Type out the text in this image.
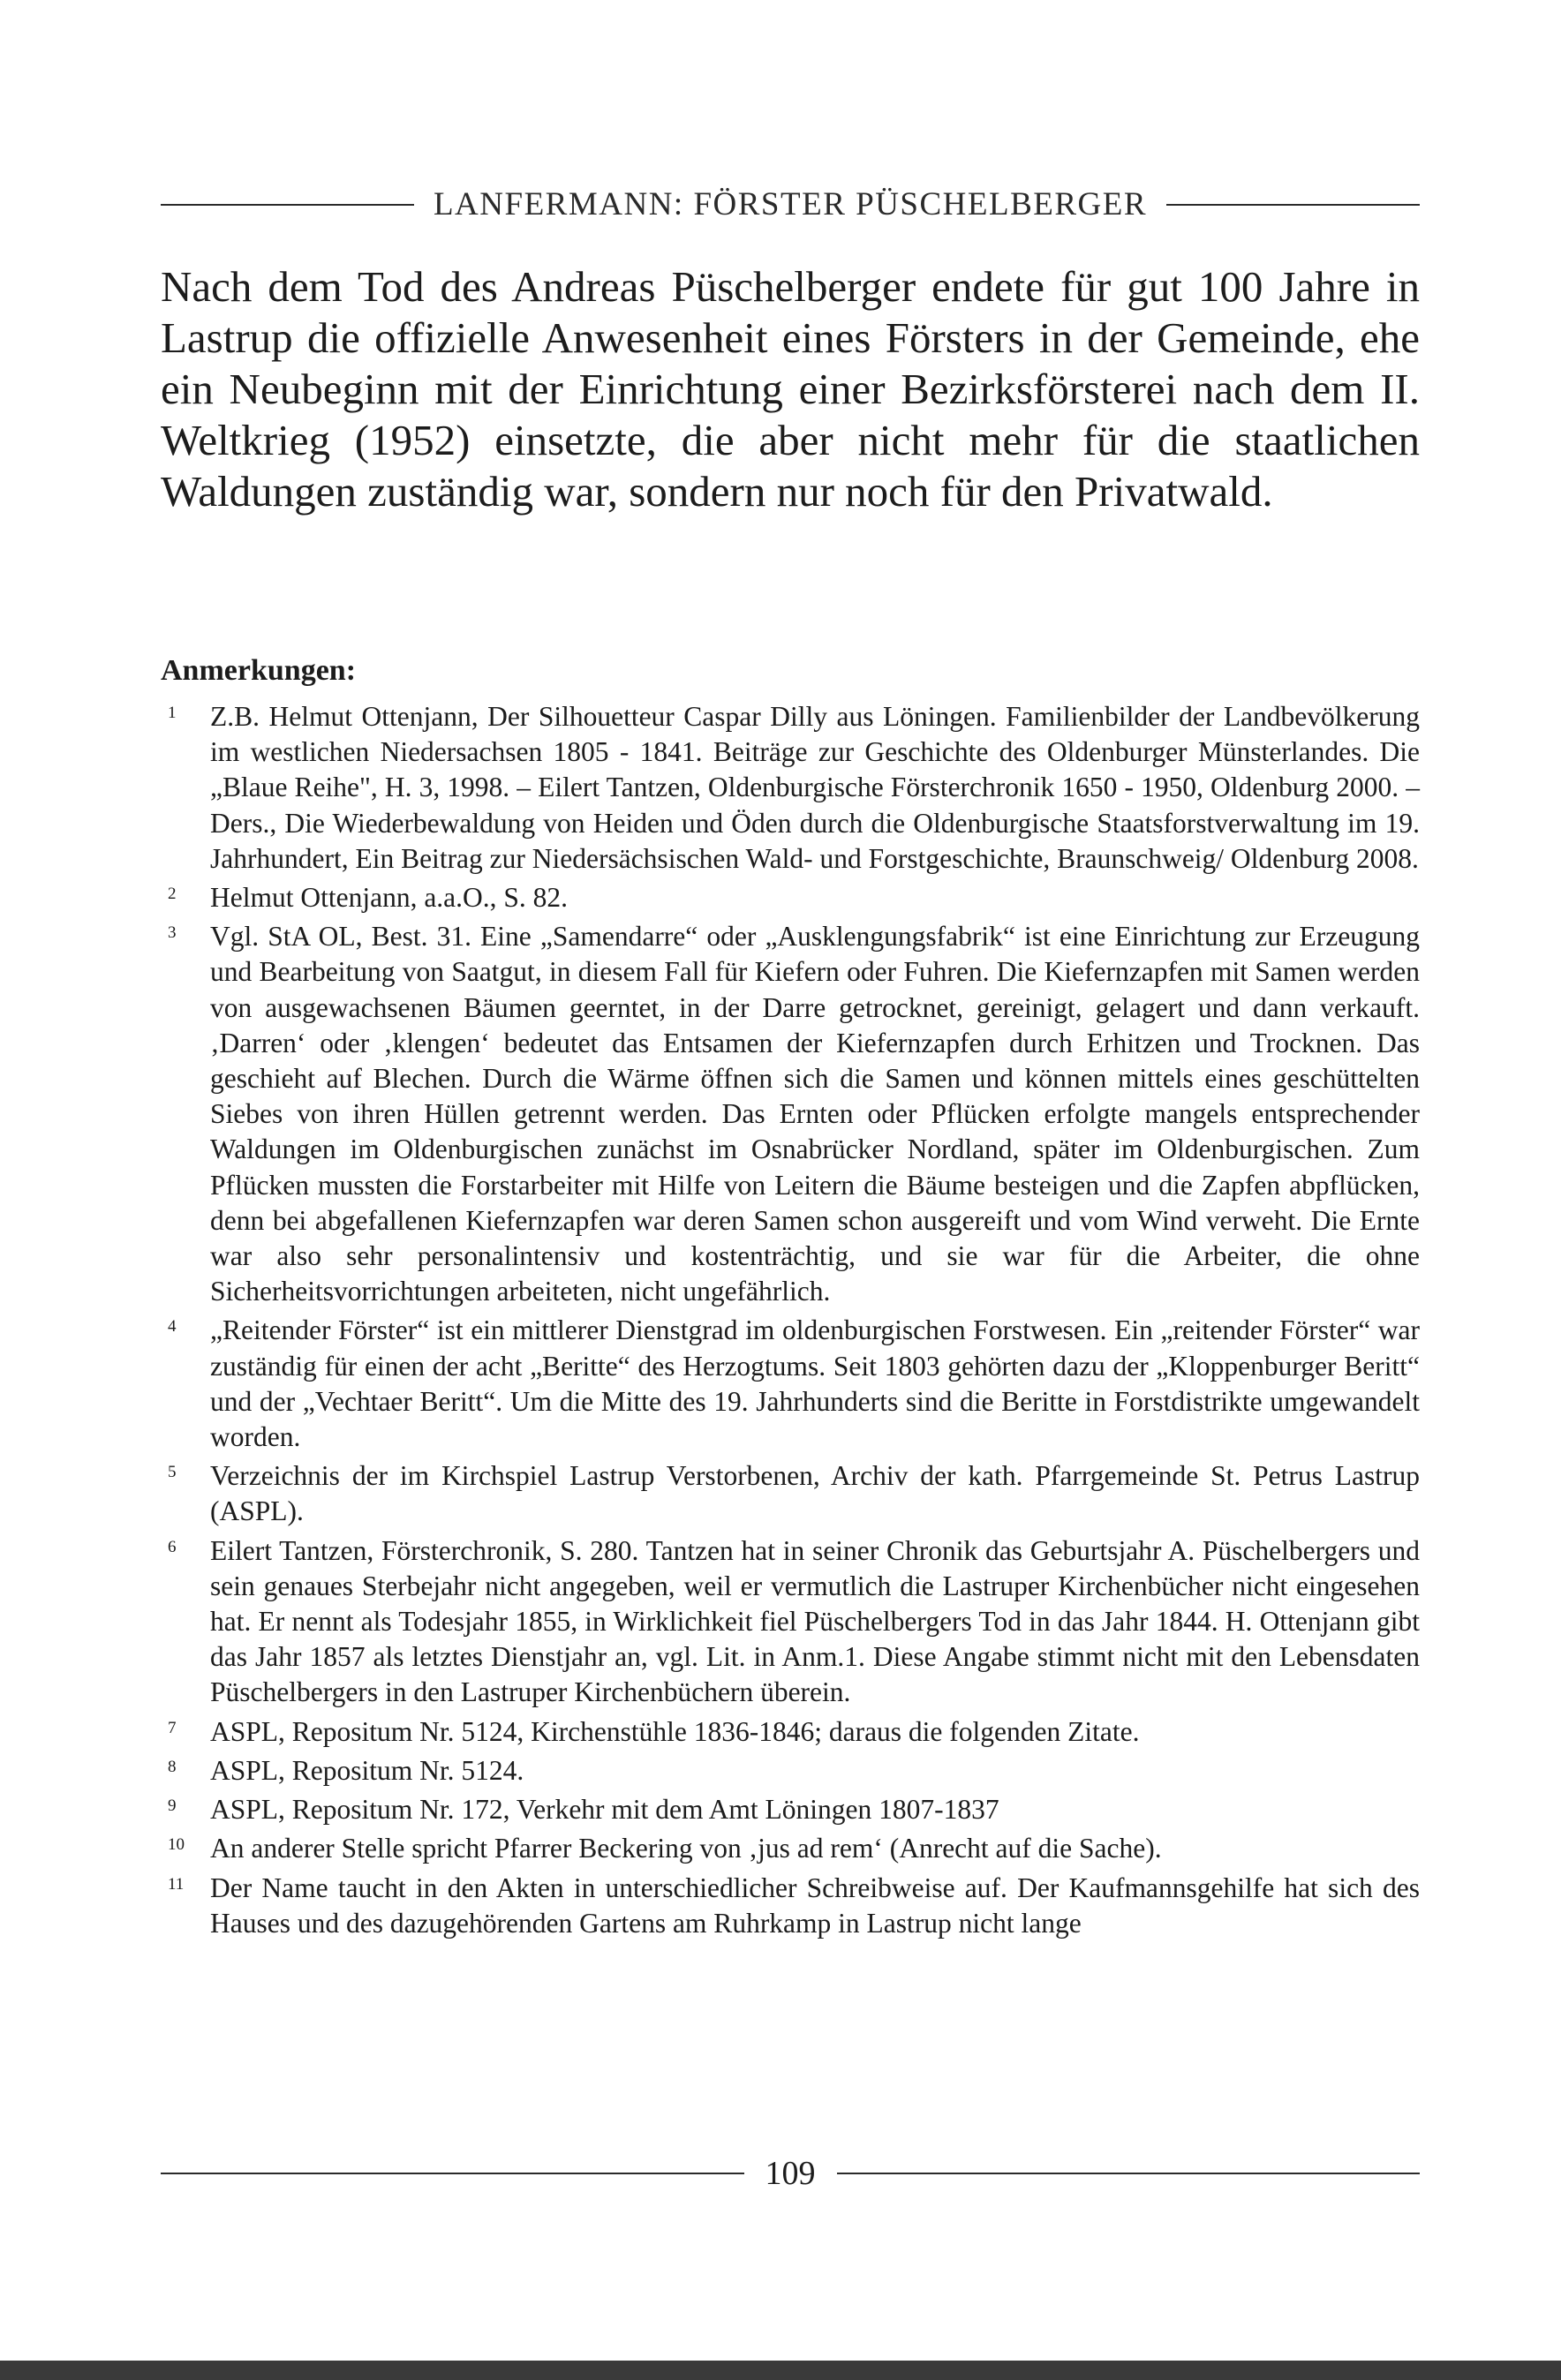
LANFERMANN: FÖRSTER PÜSCHELBERGER

Nach dem Tod des Andreas Püschelberger endete für gut 100 Jahre in Lastrup die offizielle Anwesenheit eines Försters in der Gemeinde, ehe ein Neubeginn mit der Einrichtung einer Bezirksförsterei nach dem II. Weltkrieg (1952) einsetzte, die aber nicht mehr für die staatlichen Waldungen zuständig war, sondern nur noch für den Privatwald.

Anmerkungen:
1 Z.B. Helmut Ottenjann, Der Silhouetteur Caspar Dilly aus Löningen. Familienbilder der Landbevölkerung im westlichen Niedersachsen 1805 - 1841. Beiträge zur Geschichte des Oldenburger Münsterlandes. Die „Blaue Reihe", H. 3, 1998. – Eilert Tantzen, Oldenburgische Försterchronik 1650 - 1950, Oldenburg 2000. – Ders., Die Wiederbewaldung von Heiden und Öden durch die Oldenburgische Staatsforstverwaltung im 19. Jahrhundert, Ein Beitrag zur Niedersächsischen Wald- und Forstgeschichte, Braunschweig/ Oldenburg 2008.
2 Helmut Ottenjann, a.a.O., S. 82.
3 Vgl. StA OL, Best. 31. Eine „Samendarre“ oder „Ausklengungsfabrik“ ist eine Einrichtung zur Erzeugung und Bearbeitung von Saatgut, in diesem Fall für Kiefern oder Fuhren. Die Kiefernzapfen mit Samen werden von ausgewachsenen Bäumen geerntet, in der Darre getrocknet, gereinigt, gelagert und dann verkauft. ‚Darren‘ oder ‚klengen‘ bedeutet das Entsamen der Kiefernzapfen durch Erhitzen und Trocknen. Das geschieht auf Blechen. Durch die Wärme öffnen sich die Samen und können mittels eines geschüttelten Siebes von ihren Hüllen getrennt werden. Das Ernten oder Pflücken erfolgte mangels entsprechender Waldungen im Oldenburgischen zunächst im Osnabrücker Nordland, später im Oldenburgischen. Zum Pflücken mussten die Forstarbeiter mit Hilfe von Leitern die Bäume besteigen und die Zapfen abpflücken, denn bei abgefallenen Kiefernzapfen war deren Samen schon ausgereift und vom Wind verweht. Die Ernte war also sehr personalintensiv und kostenträchtig, und sie war für die Arbeiter, die ohne Sicherheitsvorrichtungen arbeiteten, nicht ungefährlich.
4 „Reitender Förster“ ist ein mittlerer Dienstgrad im oldenburgischen Forstwesen. Ein „reitender Förster“ war zuständig für einen der acht „Beritte“ des Herzogtums. Seit 1803 gehörten dazu der „Kloppenburger Beritt“ und der „Vechtaer Beritt“. Um die Mitte des 19. Jahrhunderts sind die Beritte in Forstdistrikte umgewandelt worden.
5 Verzeichnis der im Kirchspiel Lastrup Verstorbenen, Archiv der kath. Pfarrgemeinde St. Petrus Lastrup (ASPL).
6 Eilert Tantzen, Försterchronik, S. 280. Tantzen hat in seiner Chronik das Geburtsjahr A. Püschelbergers und sein genaues Sterbejahr nicht angegeben, weil er vermutlich die Lastruper Kirchenbücher nicht eingesehen hat. Er nennt als Todesjahr 1855, in Wirklichkeit fiel Püschelbergers Tod in das Jahr 1844. H. Ottenjann gibt das Jahr 1857 als letztes Dienstjahr an, vgl. Lit. in Anm.1. Diese Angabe stimmt nicht mit den Lebensdaten Püschelbergers in den Lastruper Kirchenbüchern überein.
7 ASPL, Repositum Nr. 5124, Kirchenstühle 1836-1846; daraus die folgenden Zitate.
8 ASPL, Repositum Nr. 5124.
9 ASPL, Repositum Nr. 172, Verkehr mit dem Amt Löningen 1807-1837
10 An anderer Stelle spricht Pfarrer Beckering von ‚jus ad rem‘ (Anrecht auf die Sache).
11 Der Name taucht in den Akten in unterschiedlicher Schreibweise auf. Der Kaufmannsgehilfe hat sich des Hauses und des dazugehörenden Gartens am Ruhrkamp in Lastrup nicht lange
109
